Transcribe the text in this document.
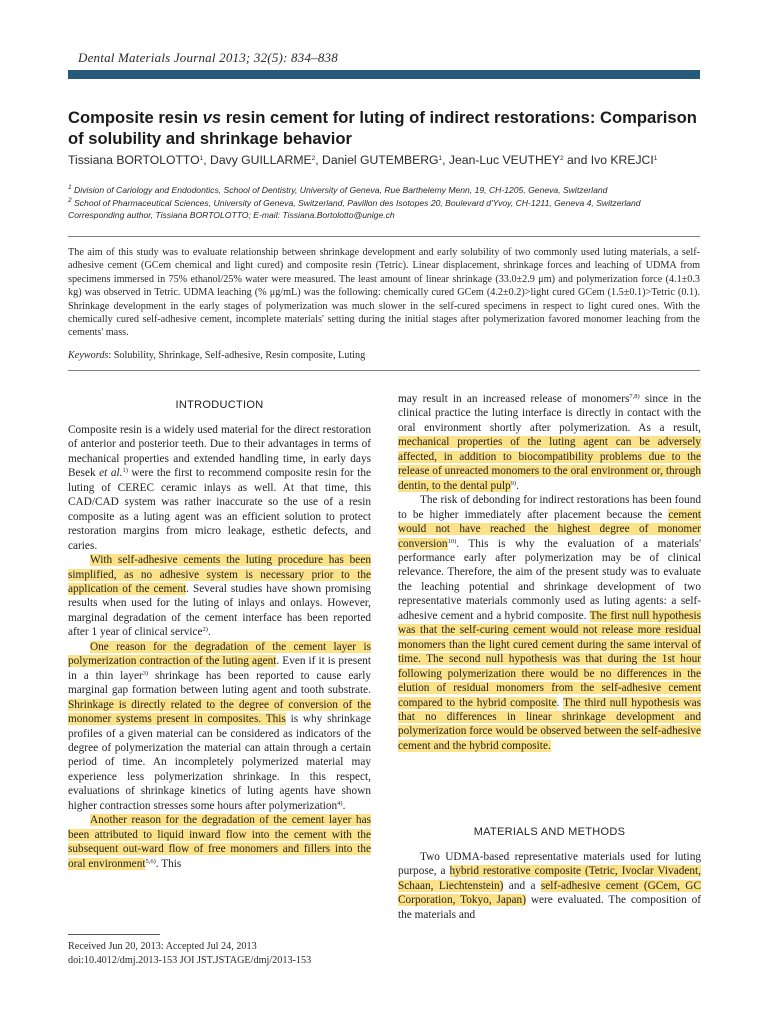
Dental Materials Journal 2013; 32(5): 834–838
Composite resin vs resin cement for luting of indirect restorations: Comparison of solubility and shrinkage behavior
Tissiana BORTOLOTTO$^1$, Davy GUILLARME$^2$, Daniel GUTEMBERG$^1$, Jean-Luc VEUTHEY$^2$ and Ivo KREJCI$^1$
$^1$ Division of Cariology and Endodontics, School of Dentistry, University of Geneva, Rue Barthelemy Menn, 19, CH-1205, Geneva, Switzerland
$^2$ School of Pharmaceutical Sciences, University of Geneva, Switzerland, Pavillon des Isotopes 20, Boulevard d'Yvoy, CH-1211, Geneva 4, Switzerland
Corresponding author, Tissiana BORTOLOTTO; E-mail: Tissiana.Bortolotto@unige.ch
The aim of this study was to evaluate relationship between shrinkage development and early solubility of two commonly used luting materials, a self-adhesive cement (GCem chemical and light cured) and composite resin (Tetric). Linear displacement, shrinkage forces and leaching of UDMA from specimens immersed in 75% ethanol/25% water were measured. The least amount of linear shrinkage (33.0±2.9 μm) and polymerization force (4.1±0.3 kg) was observed in Tetric. UDMA leaching (% μg/mL) was the following: chemically cured GCem (4.2±0.2)>light cured GCem (1.5±0.1)>Tetric (0.1). Shrinkage development in the early stages of polymerization was much slower in the self-cured specimens in respect to light cured ones. With the chemically cured self-adhesive cement, incomplete materials' setting during the initial stages after polymerization favored monomer leaching from the cements' mass.
Keywords: Solubility, Shrinkage, Self-adhesive, Resin composite, Luting
INTRODUCTION

Composite resin is a widely used material for the direct restoration of anterior and posterior teeth. Due to their advantages in terms of mechanical properties and extended handling time, in early days Besek et al.$^{1)}$ were the first to recommend composite resin for the luting of CEREC ceramic inlays as well. At that time, this CAD/CAD system was rather inaccurate so the use of a resin composite as a luting agent was an efficient solution to protect restoration margins from micro leakage, esthetic defects, and caries.

With self-adhesive cements the luting procedure has been simplified, as no adhesive system is necessary prior to the application of the cement. Several studies have shown promising results when used for the luting of inlays and onlays. However, marginal degradation of the cement interface has been reported after 1 year of clinical service$^{2)}$.

One reason for the degradation of the cement layer is polymerization contraction of the luting agent. Even if it is present in a thin layer$^{3)}$ shrinkage has been reported to cause early marginal gap formation between luting agent and tooth substrate. Shrinkage is directly related to the degree of conversion of the monomer systems present in composites. This is why shrinkage profiles of a given material can be considered as indicators of the degree of polymerization the material can attain through a certain period of time. An incompletely polymerized material may experience less polymerization shrinkage. In this respect, evaluations of shrinkage kinetics of luting agents have shown higher contraction stresses some hours after polymerization$^{4)}$.

Another reason for the degradation of the cement layer has been attributed to liquid inward flow into the cement with the subsequent out-ward flow of free monomers and fillers into the oral environment$^{5,6)}$. This

may result in an increased release of monomers$^{7,8)}$ since in the clinical practice the luting interface is directly in contact with the oral environment shortly after polymerization. As a result, mechanical properties of the luting agent can be adversely affected, in addition to biocompatibility problems due to the release of unreacted monomers to the oral environment or, through dentin, to the dental pulp$^{9)}$.

The risk of debonding for indirect restorations has been found to be higher immediately after placement because the cement would not have reached the highest degree of monomer conversion$^{10)}$. This is why the evaluation of a materials' performance early after polymerization may be of clinical relevance. Therefore, the aim of the present study was to evaluate the leaching potential and shrinkage development of two representative materials commonly used as luting agents: a self-adhesive cement and a hybrid composite. The first null hypothesis was that the self-curing cement would not release more residual monomers than the light cured cement during the same interval of time. The second null hypothesis was that during the 1st hour following polymerization there would be no differences in the elution of residual monomers from the self-adhesive cement compared to the hybrid composite. The third null hypothesis was that no differences in linear shrinkage development and polymerization force would be observed between the self-adhesive cement and the hybrid composite.

MATERIALS AND METHODS

Two UDMA-based representative materials used for luting purpose, a hybrid restorative composite (Tetric, Ivoclar Vivadent, Schaan, Liechtenstein) and a self-adhesive cement (GCem, GC Corporation, Tokyo, Japan) were evaluated. The composition of the materials and

Received Jun 20, 2013: Accepted Jul 24, 2013
doi:10.4012/dmj.2013-153 JOI JST.JSTAGE/dmj/2013-153
